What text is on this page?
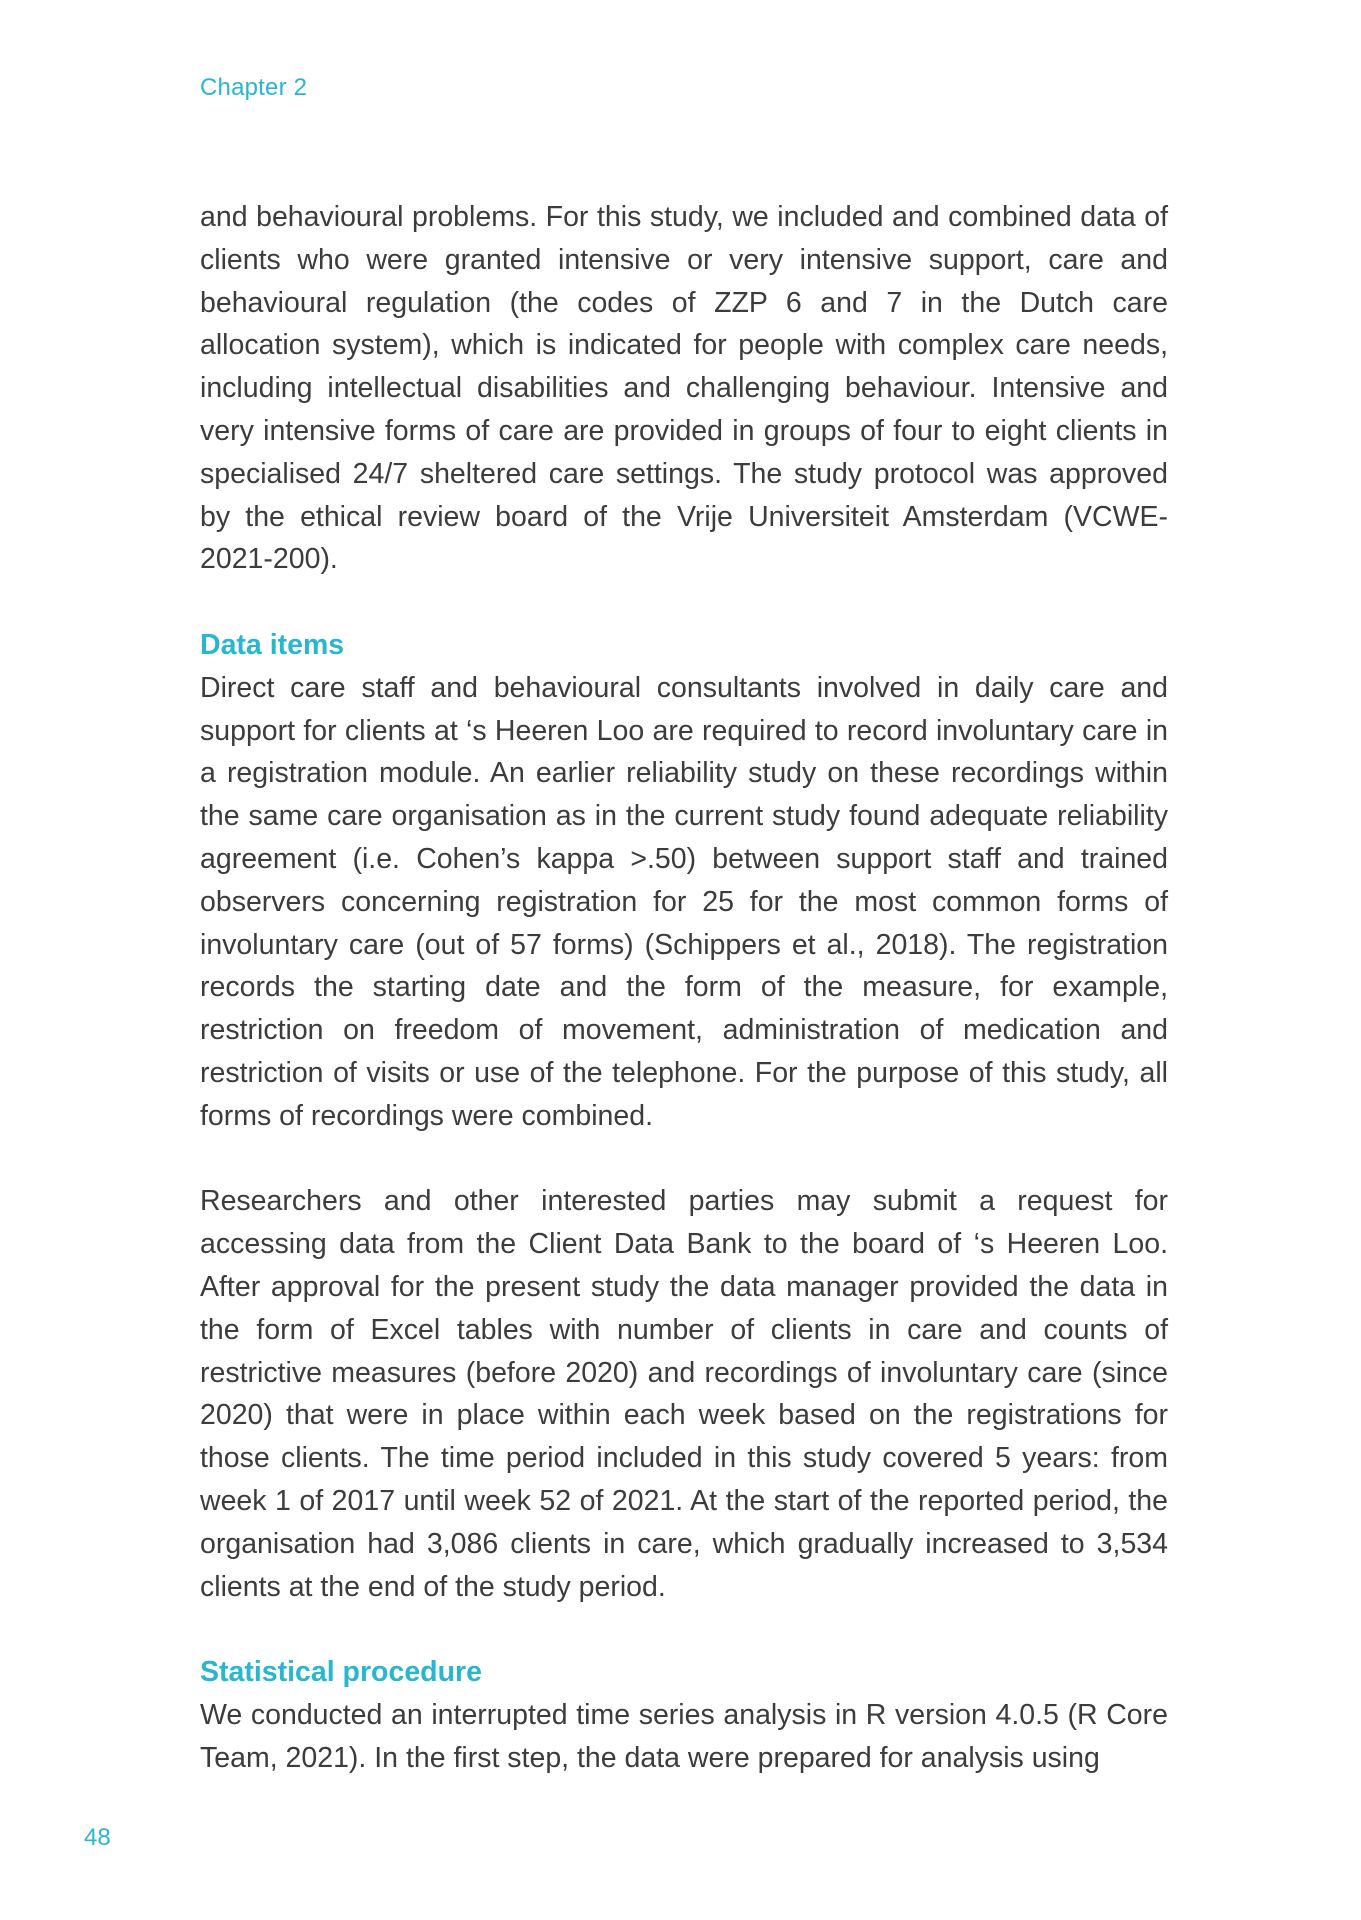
Chapter 2

and behavioural problems. For this study, we included and combined data of clients who were granted intensive or very intensive support, care and behavioural regulation (the codes of ZZP 6 and 7 in the Dutch care allocation system), which is indicated for people with complex care needs, including intellectual disabilities and challenging behaviour. Intensive and very intensive forms of care are provided in groups of four to eight clients in specialised 24/7 sheltered care settings. The study protocol was approved by the ethical review board of the Vrije Universiteit Amsterdam (VCWE-2021-200).

Data items

Direct care staff and behavioural consultants involved in daily care and support for clients at ‘s Heeren Loo are required to record involuntary care in a registration module. An earlier reliability study on these recordings within the same care organisation as in the current study found adequate reliability agreement (i.e. Cohen’s kappa >.50) between support staff and trained observers concerning registration for 25 for the most common forms of involuntary care (out of 57 forms) (Schippers et al., 2018). The registration records the starting date and the form of the measure, for example, restriction on freedom of movement, administration of medication and restriction of visits or use of the telephone. For the purpose of this study, all forms of recordings were combined.

Researchers and other interested parties may submit a request for accessing data from the Client Data Bank to the board of ‘s Heeren Loo. After approval for the present study the data manager provided the data in the form of Excel tables with number of clients in care and counts of restrictive measures (before 2020) and recordings of involuntary care (since 2020) that were in place within each week based on the registrations for those clients. The time period included in this study covered 5 years: from week 1 of 2017 until week 52 of 2021. At the start of the reported period, the organisation had 3,086 clients in care, which gradually increased to 3,534 clients at the end of the study period.

Statistical procedure

We conducted an interrupted time series analysis in R version 4.0.5 (R Core Team, 2021). In the first step, the data were prepared for analysis using

48
